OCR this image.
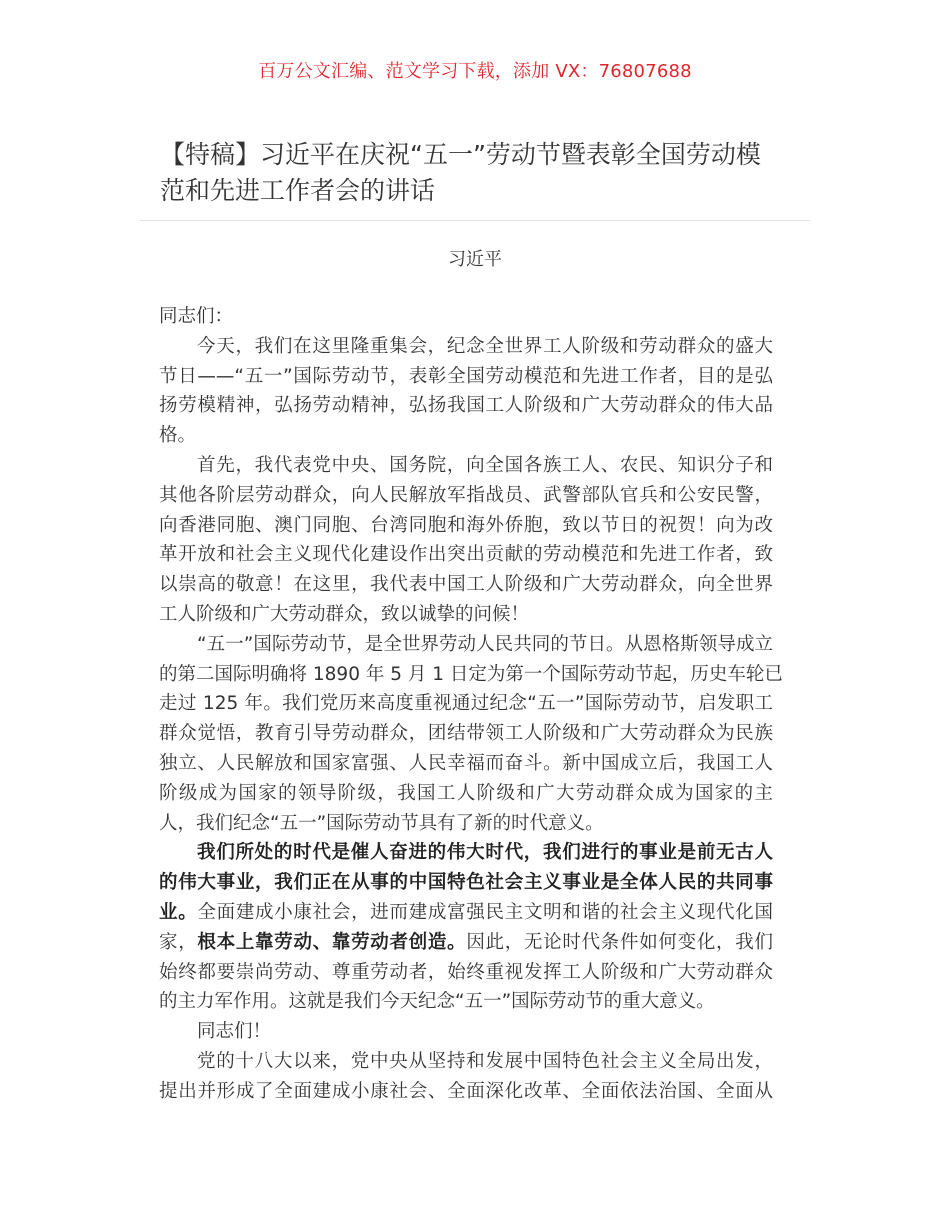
百万公文汇编、范文学习下载，添加 VX：76807688
【特稿】习近平在庆祝“五一”劳动节暨表彰全国劳动模
范和先进工作者会的讲话
习近平
同志们：
今天，我们在这里隆重集会，纪念全世界工人阶级和劳动群众的盛大
节日——“五一”国际劳动节，表彰全国劳动模范和先进工作者，目的是弘
扬劳模精神，弘扬劳动精神，弘扬我国工人阶级和广大劳动群众的伟大品
格。
首先，我代表党中央、国务院，向全国各族工人、农民、知识分子和
其他各阶层劳动群众，向人民解放军指战员、武警部队官兵和公安民警，
向香港同胞、澳门同胞、台湾同胞和海外侨胞，致以节日的祝贺！向为改
革开放和社会主义现代化建设作出突出贡献的劳动模范和先进工作者，致
以崇高的敬意！在这里，我代表中国工人阶级和广大劳动群众，向全世界
工人阶级和广大劳动群众，致以诚挚的问候！
“五一”国际劳动节，是全世界劳动人民共同的节日。从恩格斯领导成立
的第二国际明确将 1890 年 5 月 1 日定为第一个国际劳动节起，历史车轮已
走过 125 年。我们党历来高度重视通过纪念“五一”国际劳动节，启发职工
群众觉悟，教育引导劳动群众，团结带领工人阶级和广大劳动群众为民族
独立、人民解放和国家富强、人民幸福而奋斗。新中国成立后，我国工人
阶级成为国家的领导阶级，我国工人阶级和广大劳动群众成为国家的主
人，我们纪念“五一”国际劳动节具有了新的时代意义。
我们所处的时代是催人奋进的伟大时代，我们进行的事业是前无古人
的伟大事业，我们正在从事的中国特色社会主义事业是全体人民的共同事
业。全面建成小康社会，进而建成富强民主文明和谐的社会主义现代化国
家，根本上靠劳动、靠劳动者创造。因此，无论时代条件如何变化，我们
始终都要崇尚劳动、尊重劳动者，始终重视发挥工人阶级和广大劳动群众
的主力军作用。这就是我们今天纪念“五一”国际劳动节的重大意义。
同志们！
党的十八大以来，党中央从坚持和发展中国特色社会主义全局出发，
提出并形成了全面建成小康社会、全面深化改革、全面依法治国、全面从
